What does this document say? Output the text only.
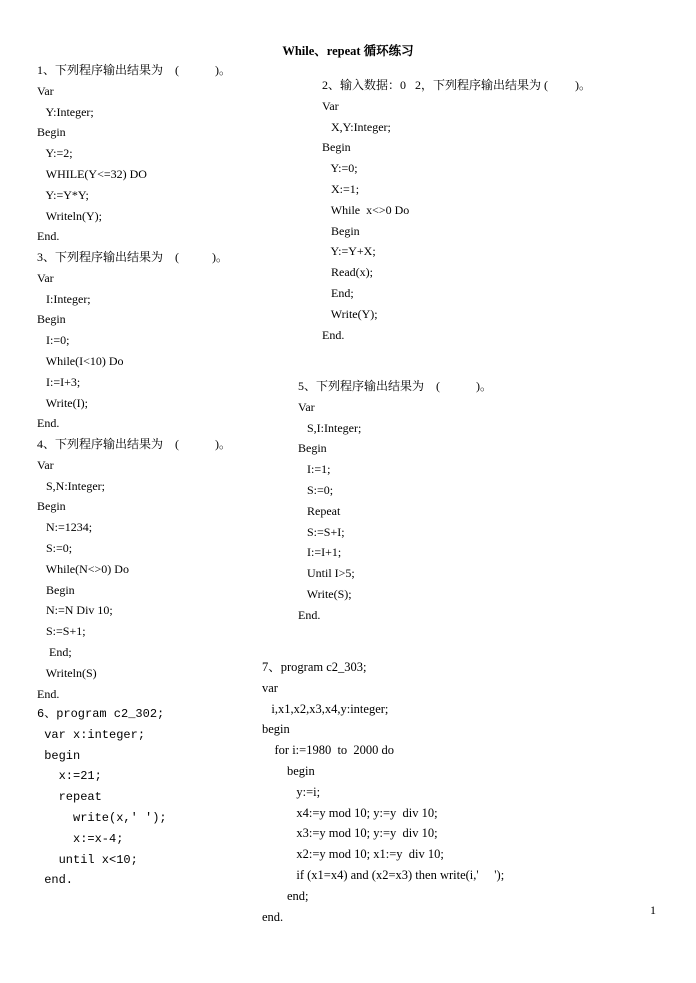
While、repeat 循环练习
1、下列程序输出结果为    (            )。
Var
Y:Integer;
Begin
Y:=2;
WHILE(Y<=32) DO
Y:=Y*Y;
Writeln(Y);
End.
2、输入数据：0   2，下列程序输出结果为 (         )。
Var
X,Y:Integer;
Begin
Y:=0;
X:=1;
While  x<>0 Do
Begin
Y:=Y+X;
Read(x);
End;
Write(Y);
End.
3、下列程序输出结果为    (           )。
Var
I:Integer;
Begin
I:=0;
While(I<10) Do
I:=I+3;
Write(I);
End.
4、下列程序输出结果为    (            )。
Var
S,N:Integer;
Begin
N:=1234;
S:=0;
While(N<>0) Do
Begin
N:=N Div 10;
S:=S+1;
End;
Writeln(S)
End.
5、下列程序输出结果为    (            )。
Var
S,I:Integer;
Begin
I:=1;
S:=0;
Repeat
S:=S+I;
I:=I+1;
Until I>5;
Write(S);
End.
6、program c2_302;
var x:integer;
begin
x:=21;
repeat
write(x,' ');
x:=x-4;
until x<10;
end.
7、program c2_303;
var
i,x1,x2,x3,x4,y:integer;
begin
for i:=1980  to  2000 do
begin
y:=i;
x4:=y mod 10; y:=y  div 10;
x3:=y mod 10; y:=y  div 10;
x2:=y mod 10; x1:=y  div 10;
if (x1=x4) and (x2=x3) then write(i,'     ');
end;
end.	1
